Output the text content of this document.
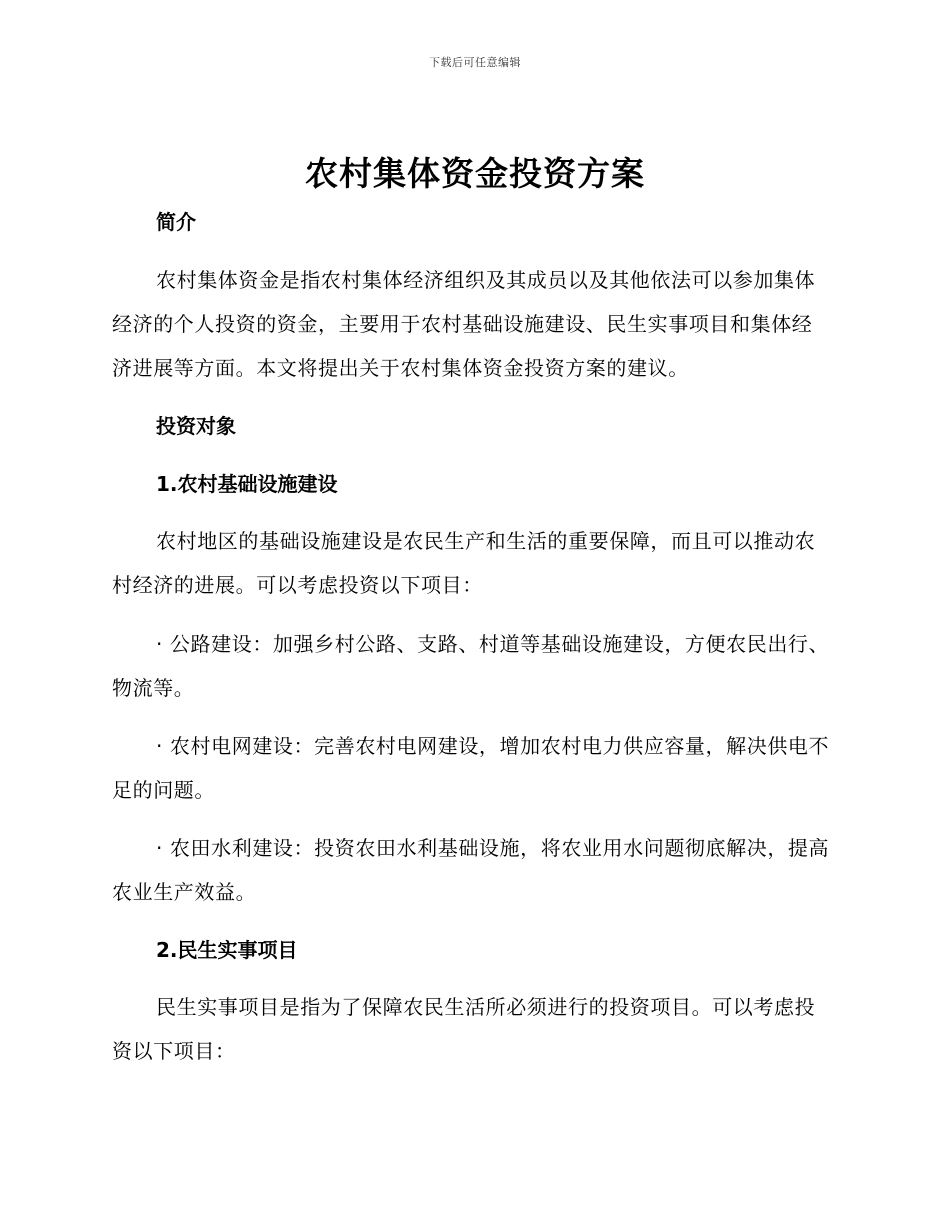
下载后可任意编辑
农村集体资金投资方案
简介

农村集体资金是指农村集体经济组织及其成员以及其他依法可以参加集体经济的个人投资的资金，主要用于农村基础设施建设、民生实事项目和集体经济进展等方面。本文将提出关于农村集体资金投资方案的建议。

投资对象
1.农村基础设施建设

农村地区的基础设施建设是农民生产和生活的重要保障，而且可以推动农村经济的进展。可以考虑投资以下项目：

· 公路建设：加强乡村公路、支路、村道等基础设施建设，方便农民出行、物流等。

· 农村电网建设：完善农村电网建设，增加农村电力供应容量，解决供电不足的问题。

· 农田水利建设：投资农田水利基础设施，将农业用水问题彻底解决，提高农业生产效益。

2.民生实事项目

民生实事项目是指为了保障农民生活所必须进行的投资项目。可以考虑投资以下项目：
